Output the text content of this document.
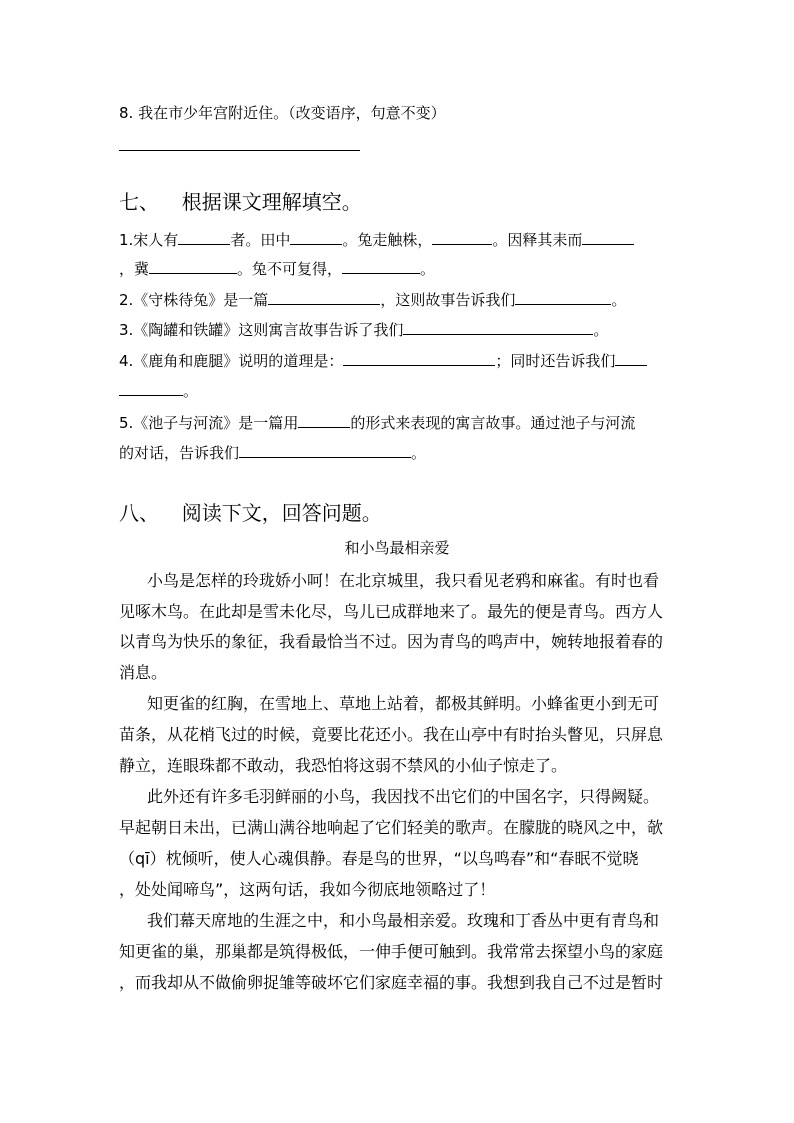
8. 我在市少年宫附近住。（改变语序，句意不变）
七、 根据课文理解填空。
1.宋人有	者。田中	。兔走触株，	。因释其耒而
，冀	。兔不可复得，	。
2.《守株待兔》是一篇	，这则故事告诉我们	。
3.《陶罐和铁罐》这则寓言故事告诉了我们	。
4.《鹿角和鹿腿》说明的道理是：	；同时还告诉我们
。
5.《池子与河流》是一篇用	的形式来表现的寓言故事。通过池子与河流
的对话，告诉我们	。
八、 阅读下文，回答问题。
和小鸟最相亲爱
小鸟是怎样的玲珑娇小呵！在北京城里，我只看见老鸦和麻雀。有时也看
见啄木鸟。在此却是雪未化尽，鸟儿已成群地来了。最先的便是青鸟。西方人
以青鸟为快乐的象征，我看最恰当不过。因为青鸟的鸣声中，婉转地报着春的
消息。
知更雀的红胸，在雪地上、草地上站着，都极其鲜明。小蜂雀更小到无可
苗条，从花梢飞过的时候，竟要比花还小。我在山亭中有时抬头瞥见，只屏息
静立，连眼珠都不敢动，我恐怕将这弱不禁风的小仙子惊走了。
此外还有许多毛羽鲜丽的小鸟，我因找不出它们的中国名字，只得阙疑。
早起朝日未出，已满山满谷地响起了它们轻美的歌声。在朦胧的晓风之中，欹
（qī）枕倾听，使人心魂俱静。春是鸟的世界，“以鸟鸣春”和“春眠不觉晓
，处处闻啼鸟”，这两句话，我如今彻底地领略过了！
我们幕天席地的生涯之中，和小鸟最相亲爱。玫瑰和丁香丛中更有青鸟和
知更雀的巢，那巢都是筑得极低，一伸手便可触到。我常常去探望小鸟的家庭
，而我却从不做偷卵捉雏等破坏它们家庭幸福的事。我想到我自己不过是暂时
